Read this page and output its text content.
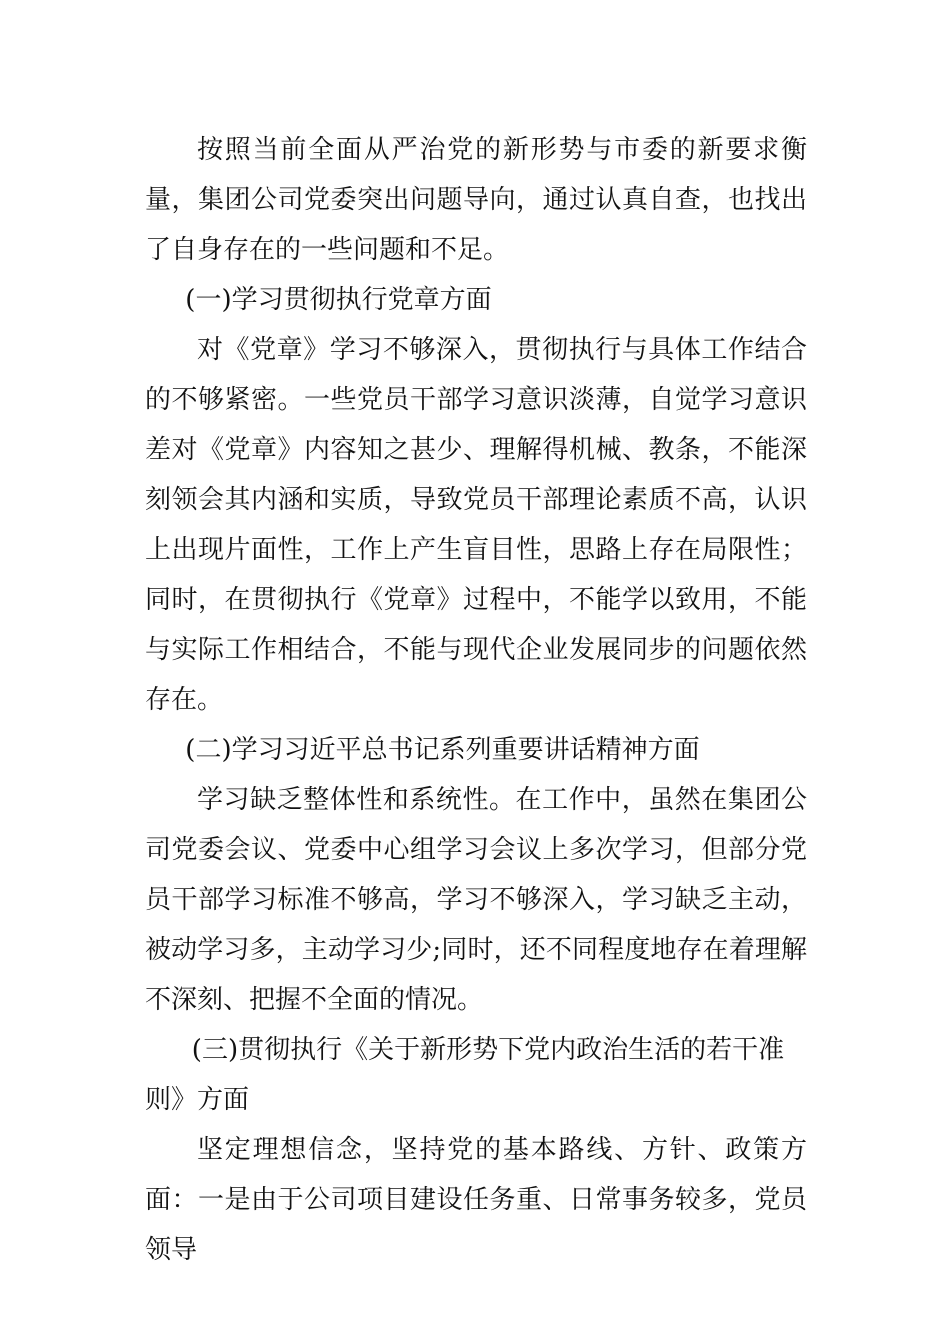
按照当前全面从严治党的新形势与市委的新要求衡量，集团公司党委突出问题导向，通过认真自查，也找出了自身存在的一些问题和不足。

(一)学习贯彻执行党章方面

对《党章》学习不够深入，贯彻执行与具体工作结合的不够紧密。一些党员干部学习意识淡薄，自觉学习意识差对《党章》内容知之甚少、理解得机械、教条，不能深刻领会其内涵和实质，导致党员干部理论素质不高，认识上出现片面性，工作上产生盲目性，思路上存在局限性；同时，在贯彻执行《党章》过程中，不能学以致用，不能与实际工作相结合，不能与现代企业发展同步的问题依然存在。

(二)学习习近平总书记系列重要讲话精神方面

学习缺乏整体性和系统性。在工作中，虽然在集团公司党委会议、党委中心组学习会议上多次学习，但部分党员干部学习标准不够高，学习不够深入，学习缺乏主动，被动学习多，主动学习少;同时，还不同程度地存在着理解不深刻、把握不全面的情况。

(三)贯彻执行《关于新形势下党内政治生活的若干准则》方面

坚定理想信念，坚持党的基本路线、方针、政策方面：一是由于公司项目建设任务重、日常事务较多，党员领导
